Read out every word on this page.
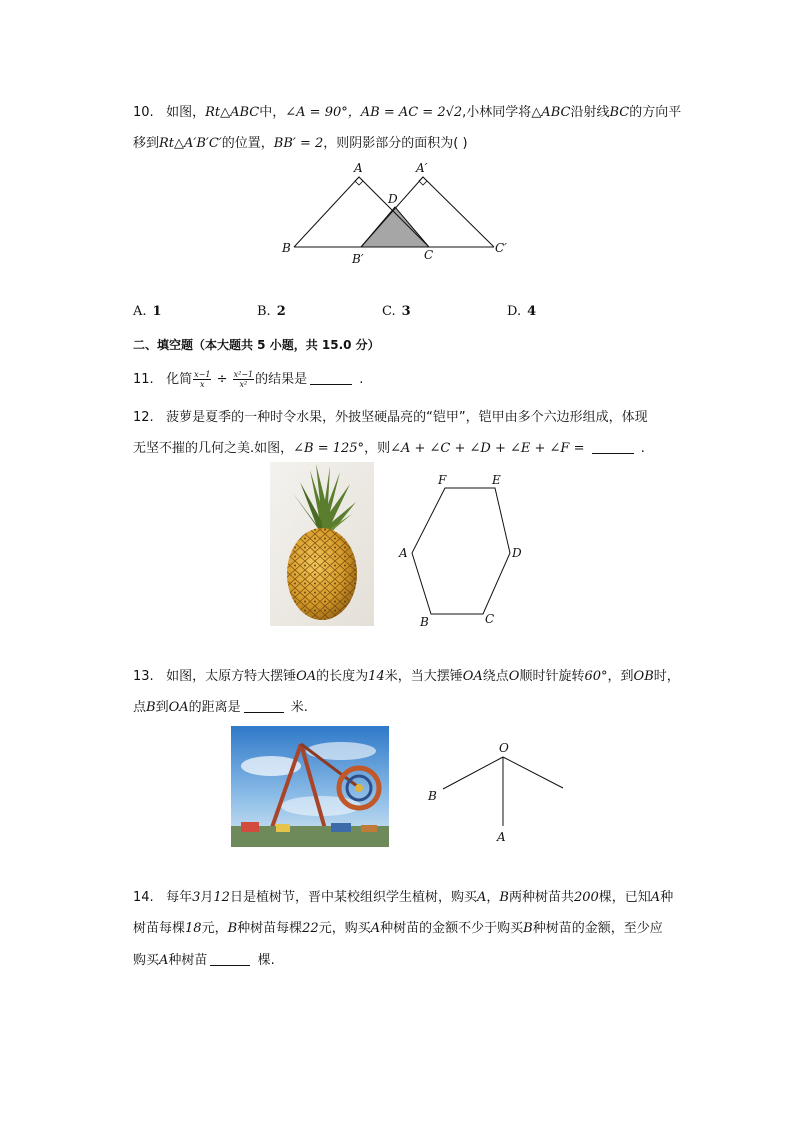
10. 如图，Rt△ABC中，∠A = 90°，AB = AC = 2√2,小林同学将△ABC沿射线BC的方向平
移到Rt△A′B′C′的位置，BB′ = 2，则阴影部分的面积为( )
A	A′
D
B
B′	C	C′
A. 1	B. 2	C. 3	D. 4
二、填空题（本大题共 5 小题，共 15.0 分）
11. 化简 $\frac{x-1}{x} \div \frac{\text{x²−1}}{\text{x²}}$ 的结果是	.
12. 菠萝是夏季的一种时令水果，外披坚硬晶亮的“铠甲”，铠甲由多个六边形组成，体现
无坚不摧的几何之美.如图，∠B = 125°，则∠A + ∠C + ∠D + ∠E + ∠F =	.
F	E
A	D
B	C
13. 如图，太原方特大摆锤OA的长度为14米，当大摆锤OA绕点O顺时针旋转60°，到OB时，
点B到OA的距离是	米.
O
B
A
14. 每年3月12日是植树节，晋中某校组织学生植树，购买A，B两种树苗共200棵，已知A种
树苗每棵18元，B种树苗每棵22元，购买A种树苗的金额不少于购买B种树苗的金额，至少应
购买A种树苗	棵.
